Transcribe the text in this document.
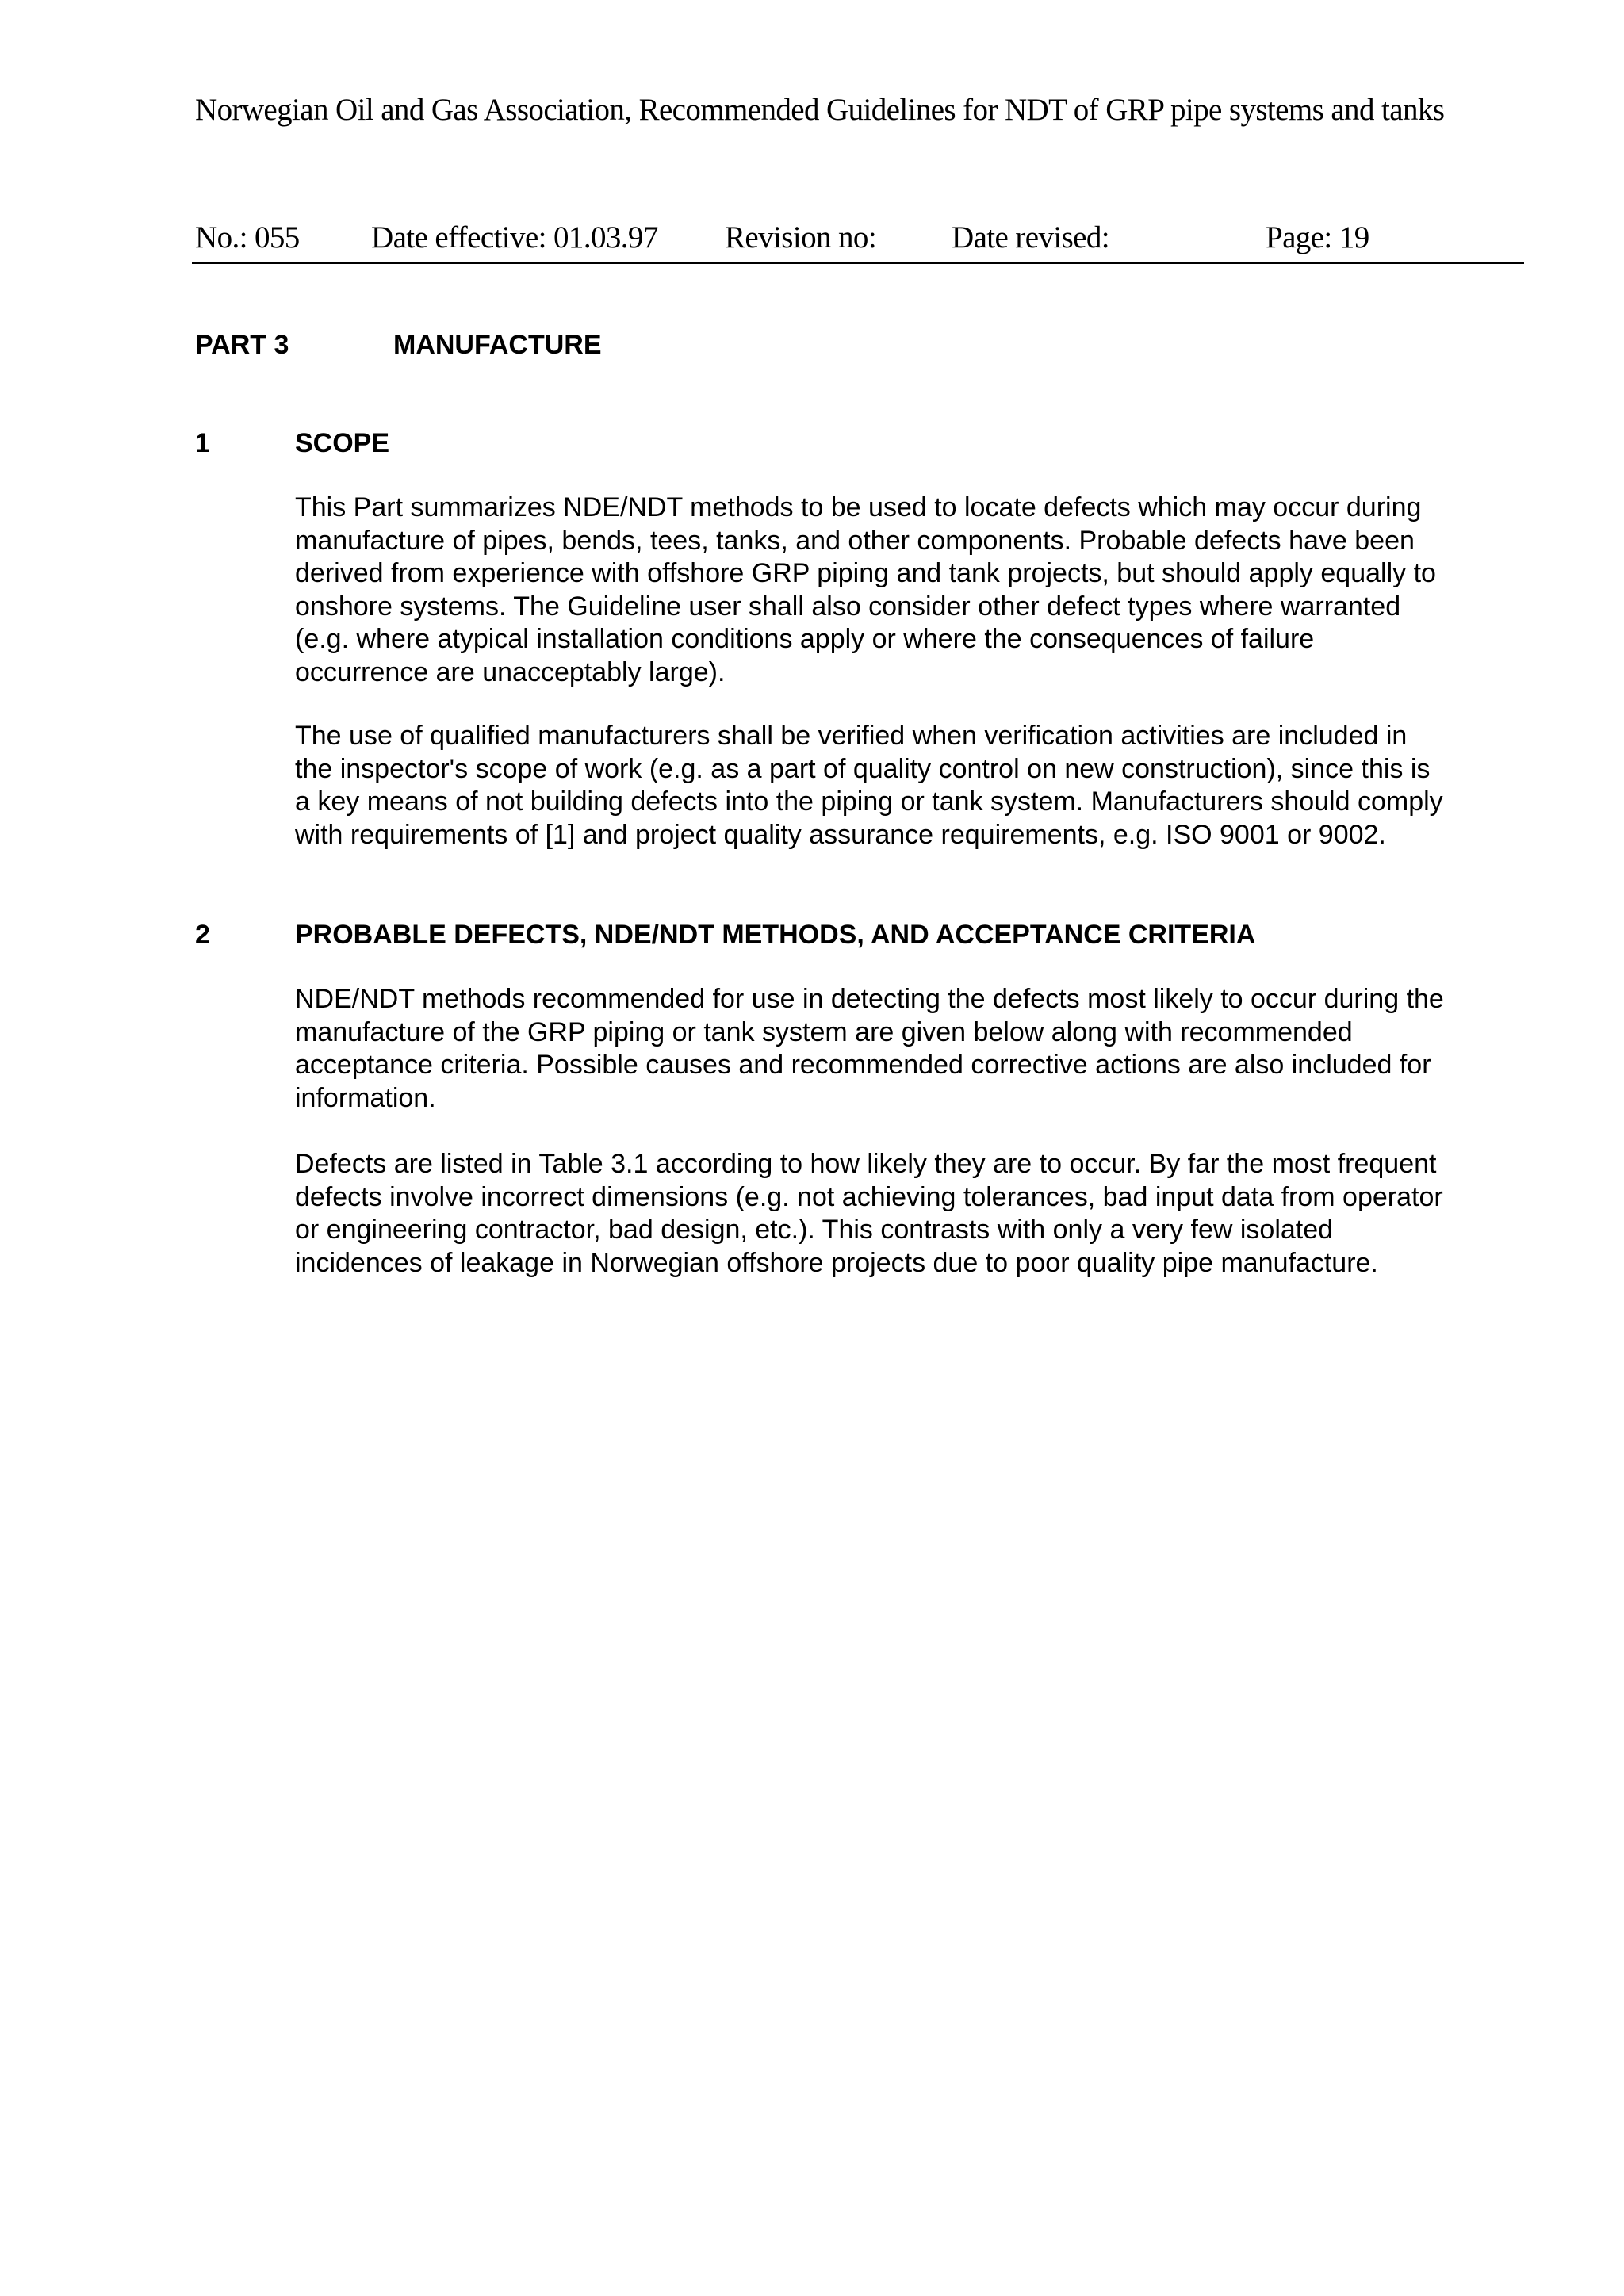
Norwegian Oil and Gas Association, Recommended Guidelines for NDT of GRP pipe systems and tanks
No.: 055 Date effective: 01.03.97 Revision no: Date revised:	Page: 19
PART 3	MANUFACTURE
1	SCOPE

This Part summarizes NDE/NDT methods to be used to locate defects which may occur during manufacture of pipes, bends, tees, tanks, and other components. Probable defects have been derived from experience with offshore GRP piping and tank projects, but should apply equally to onshore systems. The Guideline user shall also consider other defect types where warranted (e.g. where atypical installation conditions apply or where the consequences of failure occurrence are unacceptably large).

The use of qualified manufacturers shall be verified when verification activities are included in the inspector's scope of work (e.g. as a part of quality control on new construction), since this is a key means of not building defects into the piping or tank system. Manufacturers should comply with requirements of [1] and project quality assurance requirements, e.g. ISO 9001 or 9002.

2	PROBABLE DEFECTS, NDE/NDT METHODS, AND ACCEPTANCE CRITERIA

NDE/NDT methods recommended for use in detecting the defects most likely to occur during the manufacture of the GRP piping or tank system are given below along with recommended acceptance criteria. Possible causes and recommended corrective actions are also included for information.

Defects are listed in Table 3.1 according to how likely they are to occur. By far the most frequent defects involve incorrect dimensions (e.g. not achieving tolerances, bad input data from operator or engineering contractor, bad design, etc.). This contrasts with only a very few isolated incidences of leakage in Norwegian offshore projects due to poor quality pipe manufacture.
